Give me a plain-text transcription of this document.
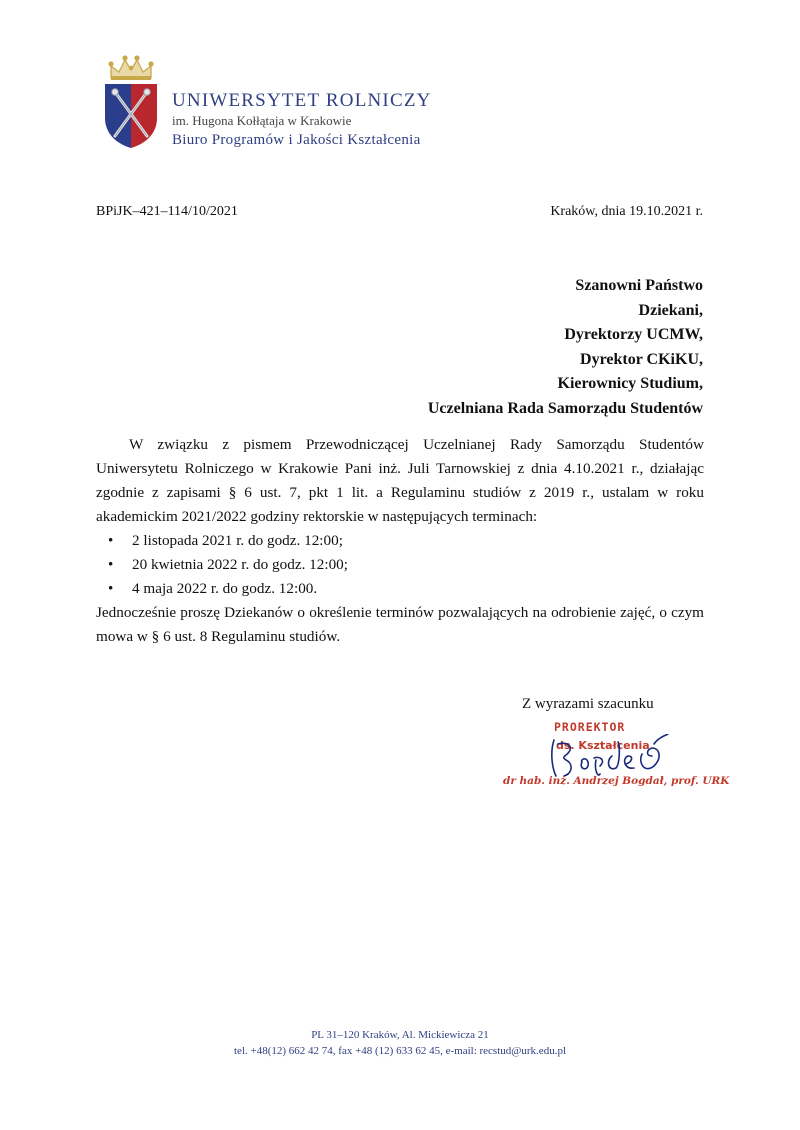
UNIWERSYTET ROLNICZY
im. Hugona Kołłątaja w Krakowie
Biuro Programów i Jakości Kształcenia
BPiJK–421–114/10/2021	Kraków, dnia 19.10.2021 r.
Szanowni Państwo
Dziekani,
Dyrektorzy UCMW,
Dyrektor CKiKU,
Kierownicy Studium,
Uczelniana Rada Samorządu Studentów

W związku z pismem Przewodniczącej Uczelnianej Rady Samorządu Studentów Uniwersytetu Rolniczego w Krakowie Pani inż. Juli Tarnowskiej z dnia 4.10.2021 r., działając zgodnie z zapisami § 6 ust. 7, pkt 1 lit. a Regulaminu studiów z 2019 r., ustalam w roku akademickim 2021/2022 godziny rektorskie w następujących terminach:

• 2 listopada 2021 r. do godz. 12:00;
• 20 kwietnia 2022 r. do godz. 12:00;
• 4 maja 2022 r. do godz. 12:00.

Jednocześnie proszę Dziekanów o określenie terminów pozwalających na odrobienie zajęć, o czym mowa w § 6 ust. 8 Regulaminu studiów.

Z wyrazami szacunku
PROREKTOR
ds. Kształcenia
dr hab. inż. Andrzej Bogdał, prof. URK
PL 31–120 Kraków, Al. Mickiewicza 21
tel. +48(12) 662 42 74, fax +48 (12) 633 62 45, e-mail: recstud@urk.edu.pl
